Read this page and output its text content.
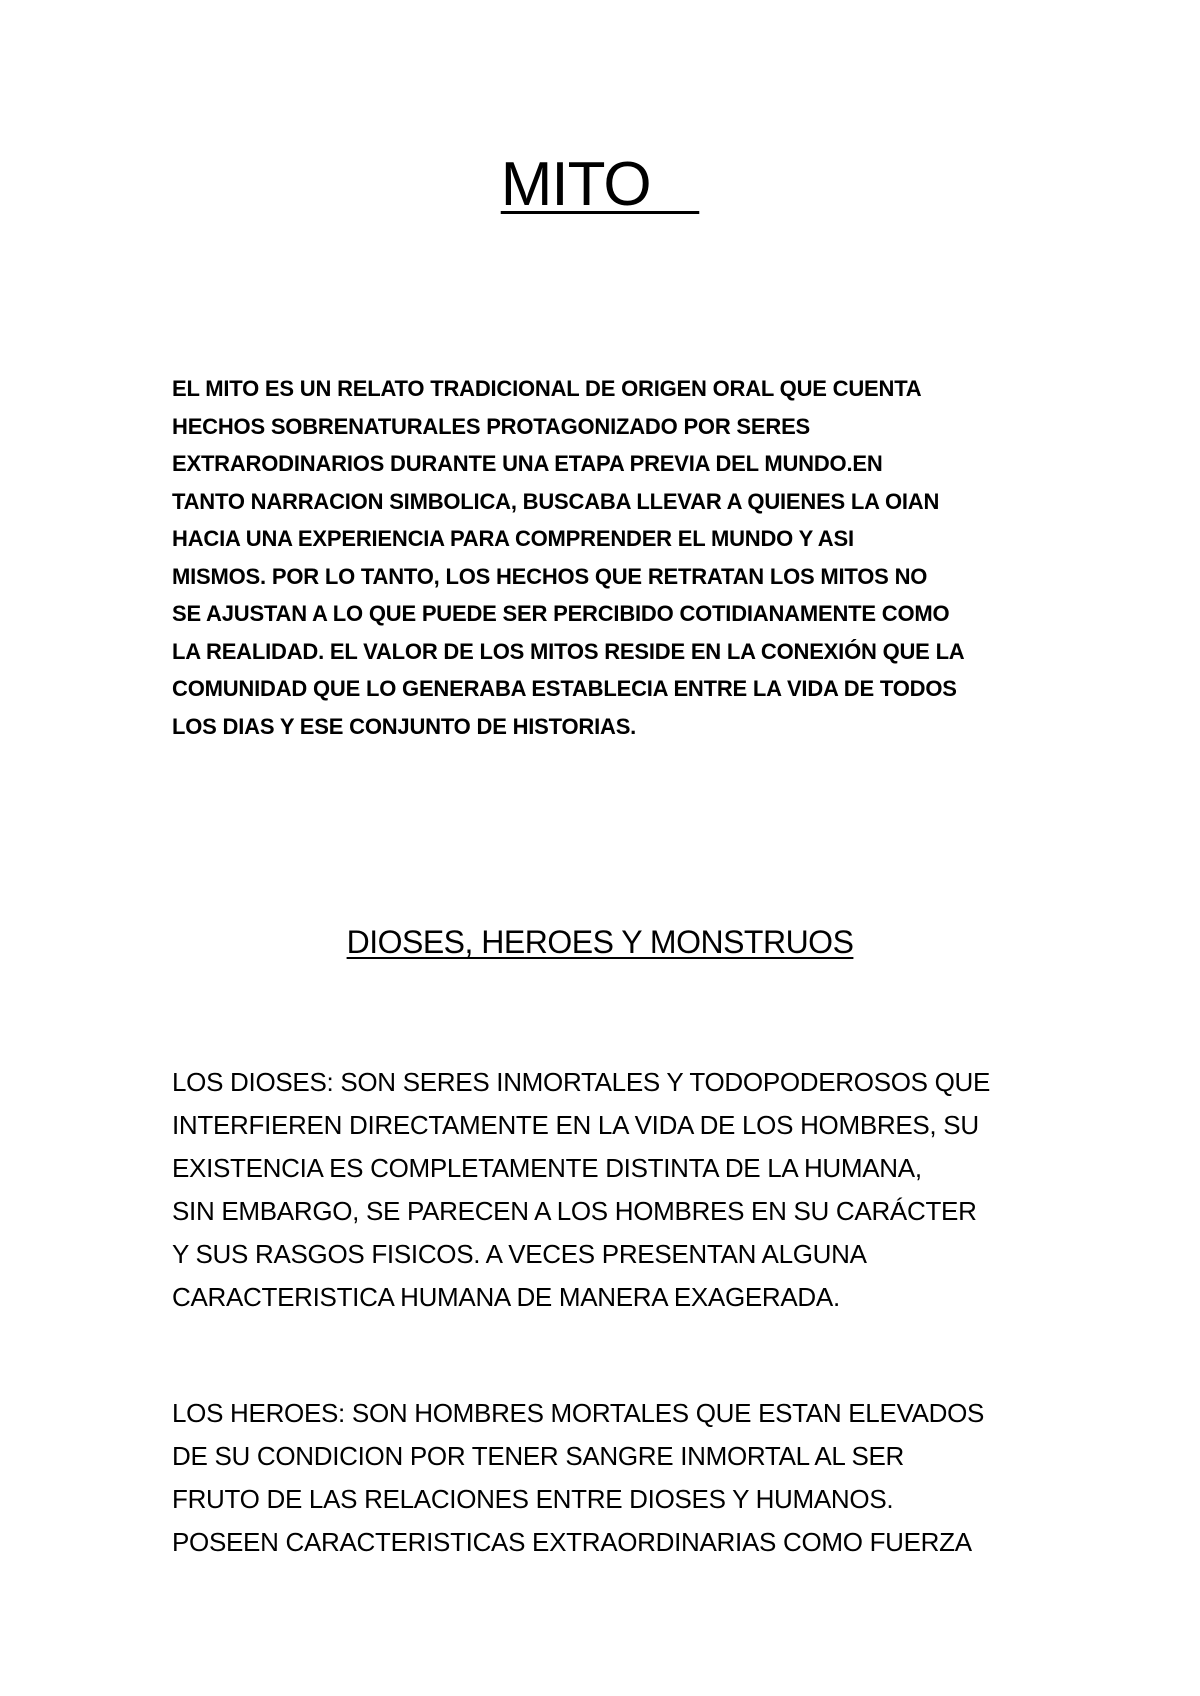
MITO
EL MITO ES UN RELATO TRADICIONAL DE ORIGEN ORAL QUE CUENTA
HECHOS SOBRENATURALES PROTAGONIZADO POR SERES
EXTRARODINARIOS DURANTE UNA ETAPA PREVIA DEL MUNDO.EN
TANTO NARRACION SIMBOLICA, BUSCABA LLEVAR A QUIENES LA OIAN
HACIA UNA EXPERIENCIA PARA COMPRENDER EL MUNDO Y ASI
MISMOS. POR LO TANTO, LOS HECHOS QUE RETRATAN LOS MITOS NO
SE AJUSTAN A LO QUE PUEDE SER PERCIBIDO COTIDIANAMENTE COMO
LA REALIDAD. EL VALOR DE LOS MITOS RESIDE EN LA CONEXIÓN QUE LA
COMUNIDAD QUE LO GENERABA ESTABLECIA ENTRE LA VIDA DE TODOS
LOS DIAS Y ESE CONJUNTO DE HISTORIAS.
DIOSES, HEROES Y MONSTRUOS
LOS DIOSES: SON SERES INMORTALES Y TODOPODEROSOS QUE
INTERFIEREN DIRECTAMENTE EN LA VIDA DE LOS HOMBRES, SU
EXISTENCIA ES COMPLETAMENTE DISTINTA DE LA HUMANA,
SIN EMBARGO, SE PARECEN A LOS HOMBRES EN SU CARÁCTER
Y SUS RASGOS FISICOS. A VECES PRESENTAN ALGUNA
CARACTERISTICA HUMANA DE MANERA EXAGERADA.
LOS HEROES: SON HOMBRES MORTALES QUE ESTAN ELEVADOS
DE SU CONDICION POR TENER SANGRE INMORTAL AL SER
FRUTO DE LAS RELACIONES ENTRE DIOSES Y HUMANOS.
POSEEN CARACTERISTICAS EXTRAORDINARIAS COMO FUERZA
